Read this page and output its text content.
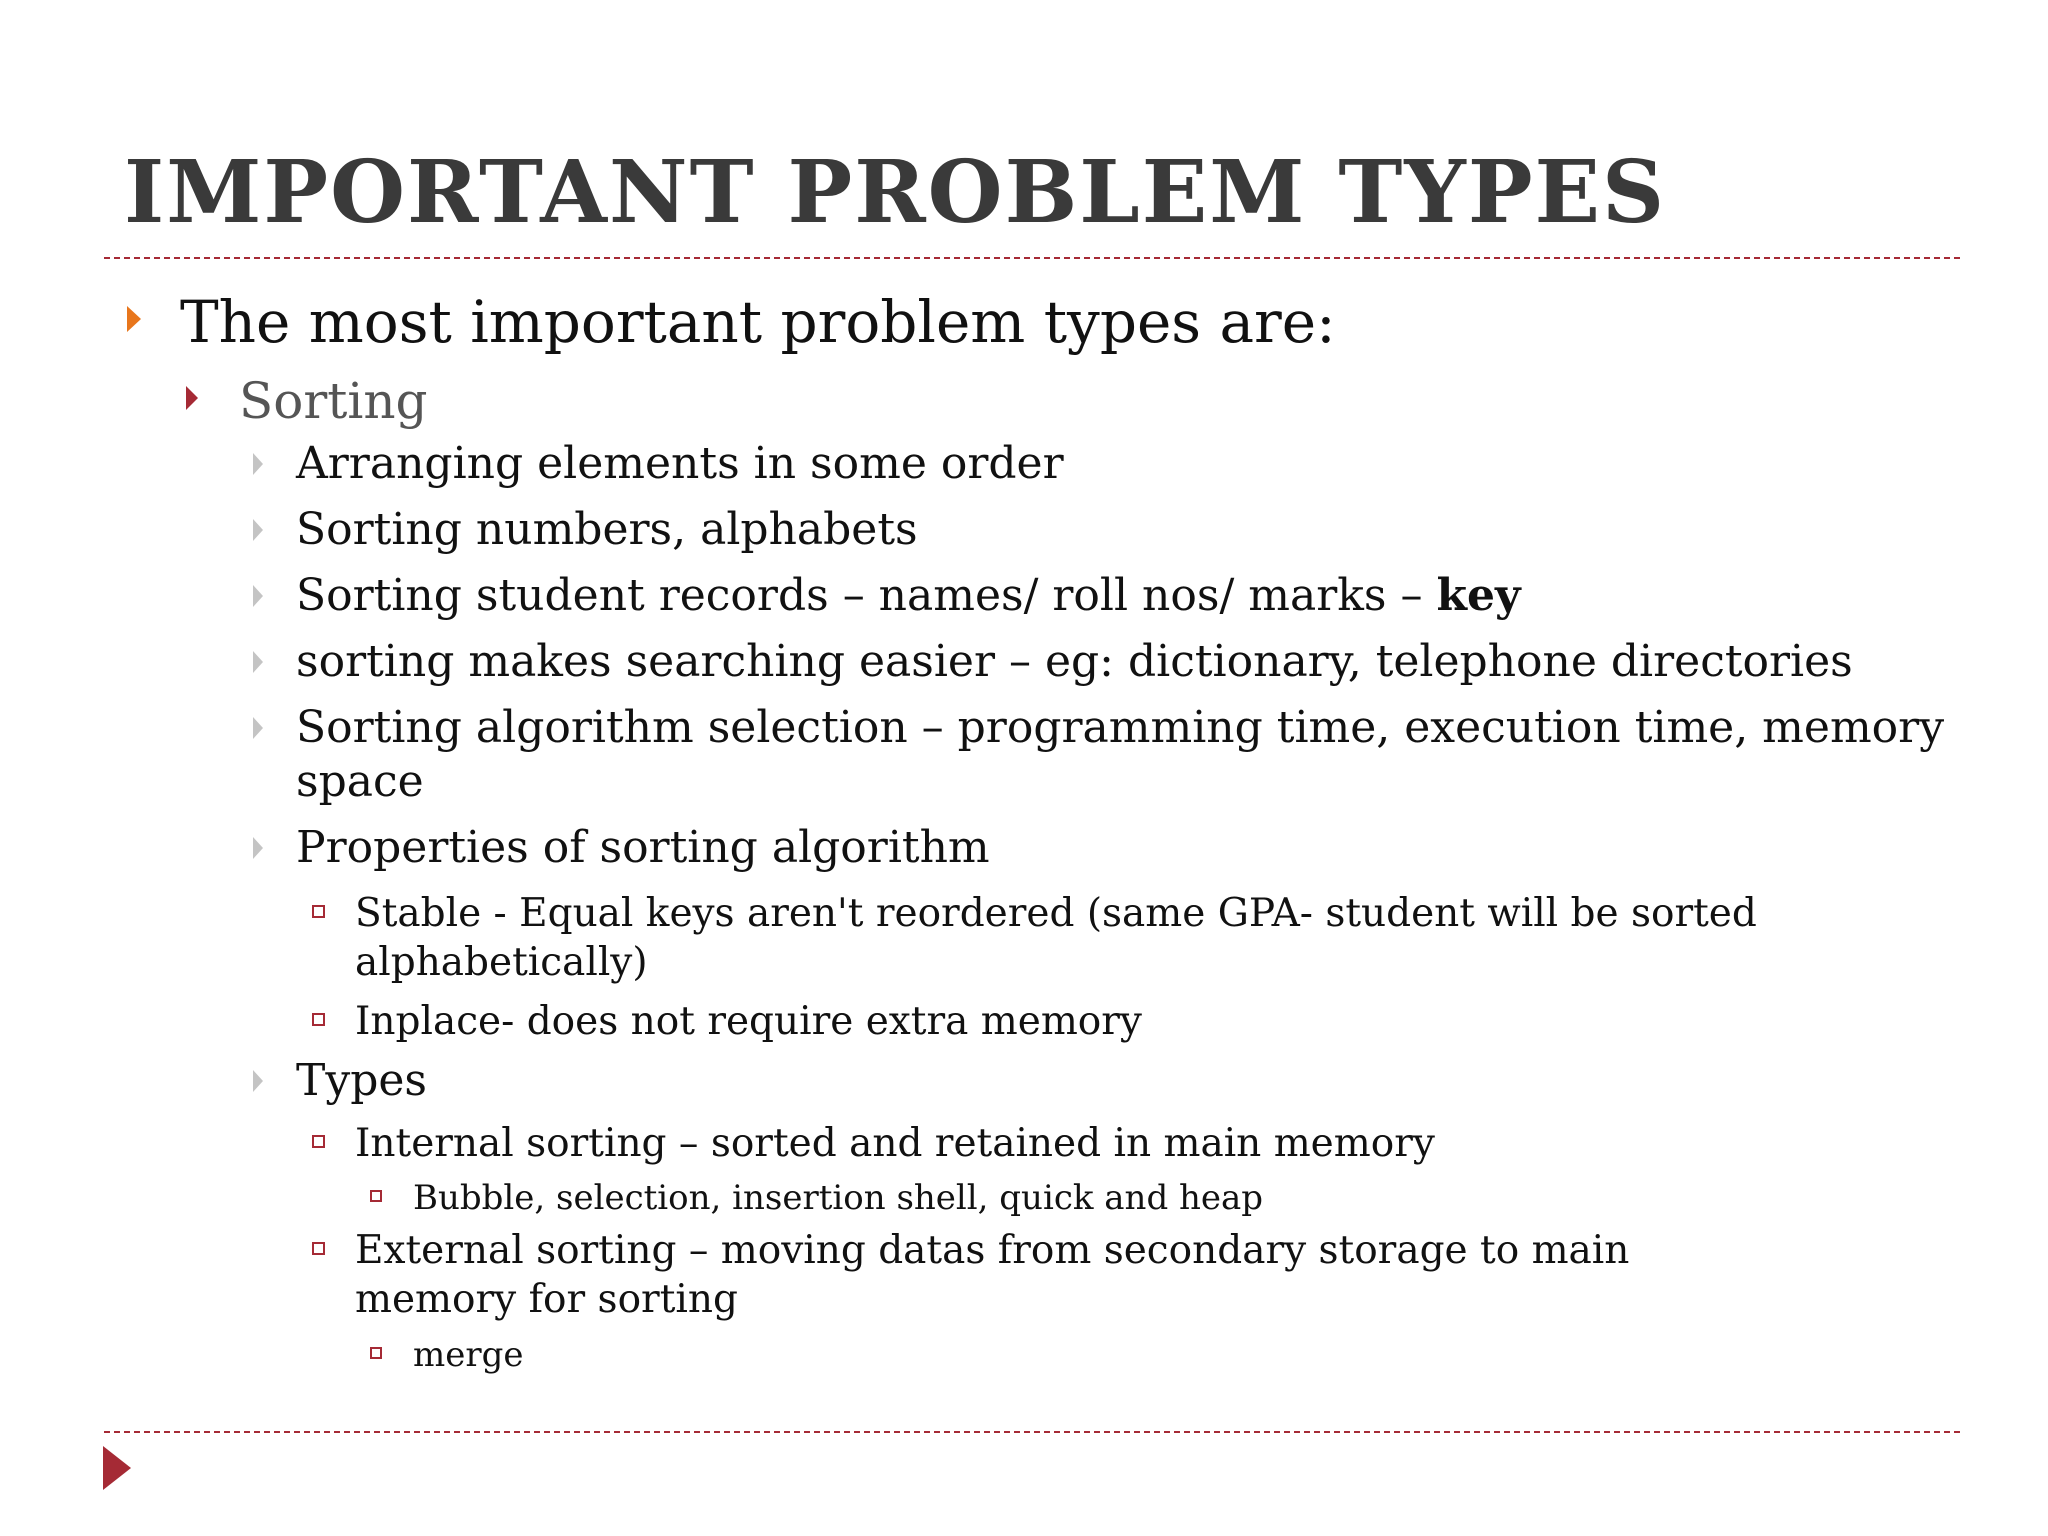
IMPORTANT PROBLEM TYPES
The most important problem types are:
Sorting
Arranging elements in some order
Sorting numbers, alphabets
Sorting student records – names/ roll nos/ marks – key
sorting makes searching easier – eg: dictionary, telephone directories
Sorting algorithm selection – programming time, execution time, memory space
Properties of sorting algorithm
Stable - Equal keys aren't reordered (same GPA- student will be sorted alphabetically)
Inplace- does not require extra memory
Types
Internal sorting – sorted and retained in main memory
Bubble, selection, insertion shell, quick and heap
External sorting – moving datas from secondary storage to main memory for sorting
merge
